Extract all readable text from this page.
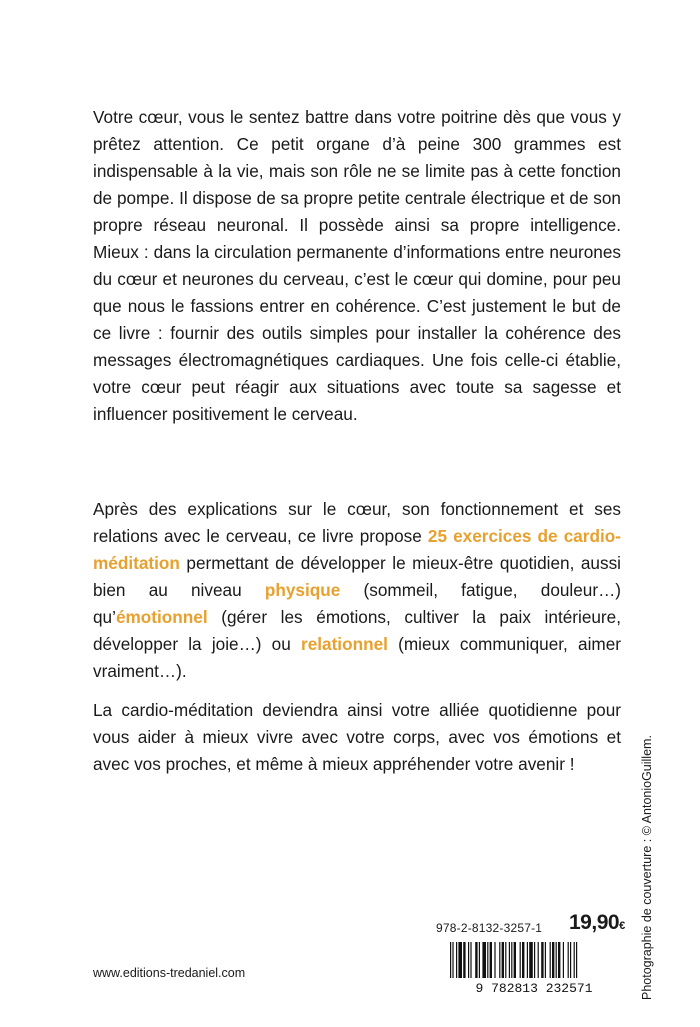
Votre cœur, vous le sentez battre dans votre poitrine dès que vous y prêtez attention. Ce petit organe d’à peine 300 grammes est indispensable à la vie, mais son rôle ne se limite pas à cette fonction de pompe. Il dispose de sa propre petite centrale électrique et de son propre réseau neuronal. Il possède ainsi sa propre intelligence. Mieux : dans la circulation permanente d’informations entre neurones du cœur et neurones du cerveau, c’est le cœur qui domine, pour peu que nous le fassions entrer en cohérence. C’est justement le but de ce livre : fournir des outils simples pour installer la cohérence des messages électromagnétiques cardiaques. Une fois celle-ci établie, votre cœur peut réagir aux situations avec toute sa sagesse et influencer positivement le cerveau.

Après des explications sur le cœur, son fonctionnement et ses relations avec le cerveau, ce livre propose 25 exercices de cardio-méditation permettant de développer le mieux-être quotidien, aussi bien au niveau physique (sommeil, fatigue, douleur…) qu’émotionnel (gérer les émotions, cultiver la paix intérieure, développer la joie…) ou relationnel (mieux communiquer, aimer vraiment…).

La cardio-méditation deviendra ainsi votre alliée quotidienne pour vous aider à mieux vivre avec votre corps, avec vos émotions et avec vos proches, et même à mieux appréhender votre avenir !	Photographie de couverture : © AntonioGuillem.
www.editions-tredaniel.com
978-2-8132-3257-1 19,90€
9 782813 232571
